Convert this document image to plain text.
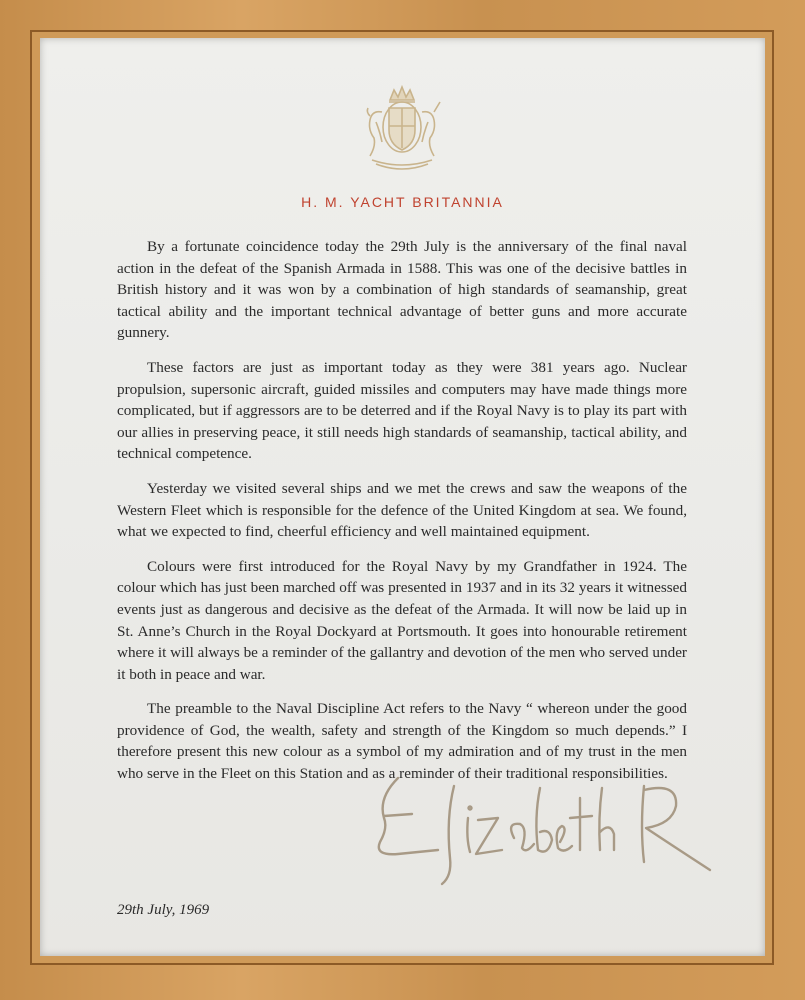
H. M. YACHT BRITANNIA

By a fortunate coincidence today the 29th July is the anniversary of the final naval action in the defeat of the Spanish Armada in 1588. This was one of the decisive battles in British history and it was won by a combination of high standards of seamanship, great tactical ability and the important technical advantage of better guns and more accurate gunnery.

These factors are just as important today as they were 381 years ago. Nuclear propulsion, supersonic aircraft, guided missiles and computers may have made things more complicated, but if aggressors are to be deterred and if the Royal Navy is to play its part with our allies in preserving peace, it still needs high standards of seamanship, tactical ability, and technical competence.

Yesterday we visited several ships and we met the crews and saw the weapons of the Western Fleet which is responsible for the defence of the United Kingdom at sea. We found, what we expected to find, cheerful efficiency and well maintained equipment.

Colours were first introduced for the Royal Navy by my Grandfather in 1924. The colour which has just been marched off was presented in 1937 and in its 32 years it witnessed events just as dangerous and decisive as the defeat of the Armada. It will now be laid up in St. Anne’s Church in the Royal Dockyard at Portsmouth. It goes into honourable retirement where it will always be a reminder of the gallantry and devotion of the men who served under it both in peace and war.

The preamble to the Naval Discipline Act refers to the Navy “ whereon under the good providence of God, the wealth, safety and strength of the Kingdom so much depends.” I therefore present this new colour as a symbol of my admiration and of my trust in the men who serve in the Fleet on this Station and as a reminder of their traditional responsibilities.

29th July, 1969
